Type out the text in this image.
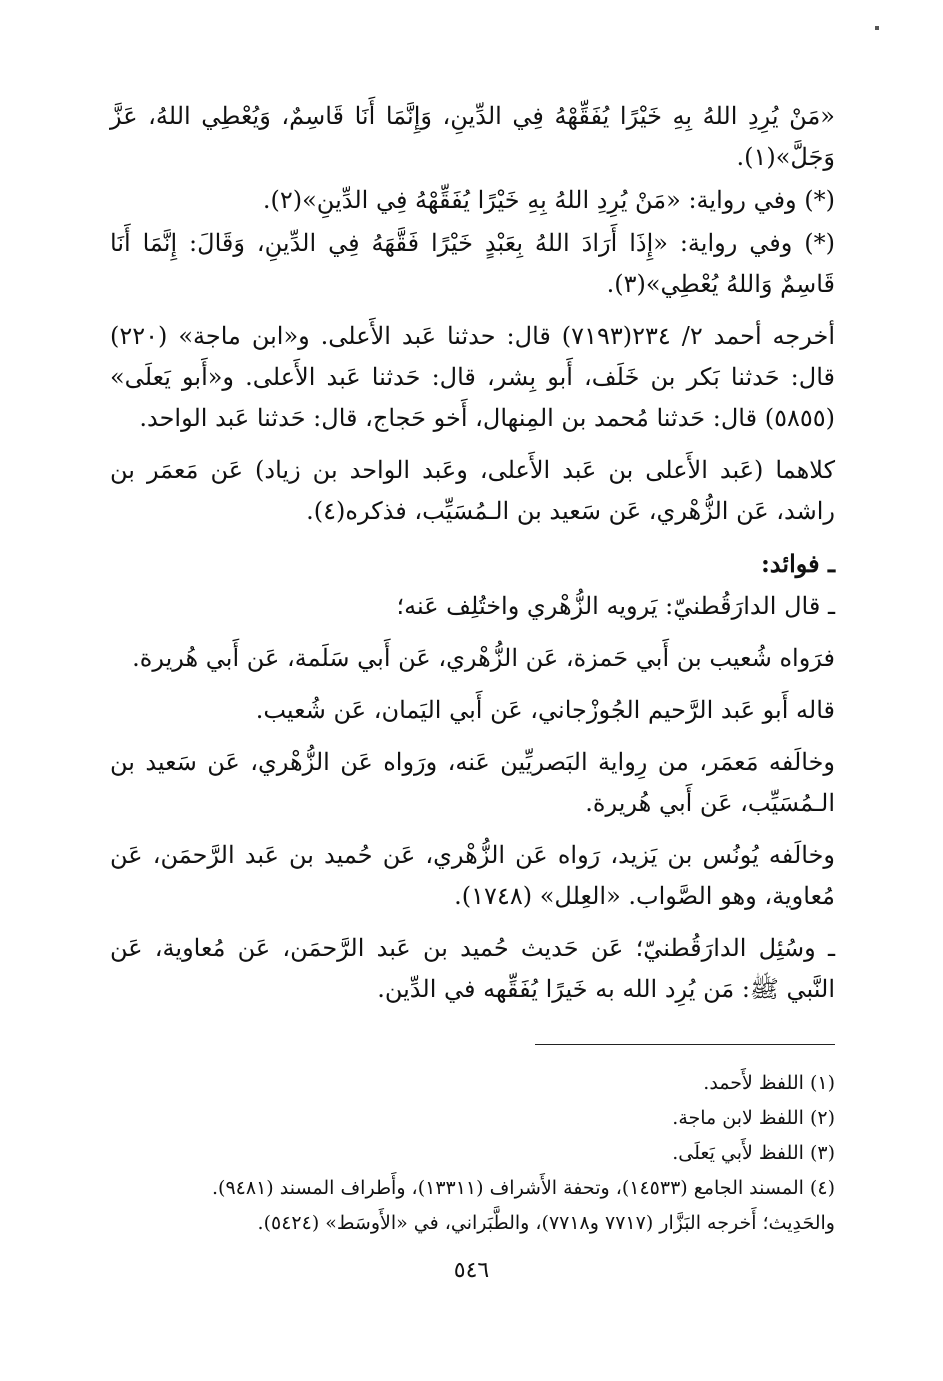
«مَنْ يُرِدِ اللهُ بِهِ خَيْرًا يُفَقِّهْهُ فِي الدِّينِ، وَإِنَّمَا أَنَا قَاسِمٌ، وَيُعْطِي اللهُ، عَزَّ وَجَلَّ»(١).

(*) وفي رواية: «مَنْ يُرِدِ اللهُ بِهِ خَيْرًا يُفَقِّهْهُ فِي الدِّينِ»(٢).

(*) وفي رواية: «إِذَا أَرَادَ اللهُ بِعَبْدٍ خَيْرًا فَقَّهَهُ فِي الدِّينِ، وَقَالَ: إِنَّمَا أَنَا قَاسِمٌ وَاللهُ يُعْطِي»(٣).

أخرجه أحمد ٢/ ٢٣٤(٧١٩٣) قال: حدثنا عَبد الأَعلى. و«ابن ماجة» (٢٢٠) قال: حَدثنا بَكر بن خَلَف، أَبو بِشر، قال: حَدثنا عَبد الأَعلى. و«أَبو يَعلَى» (٥٨٥٥) قال: حَدثنا مُحمد بن المِنهال، أَخو حَجاج، قال: حَدثنا عَبد الواحد.

كلاهما (عَبد الأَعلى بن عَبد الأَعلى، وعَبد الواحد بن زياد) عَن مَعمَر بن راشد، عَن الزُّهْري، عَن سَعيد بن الـمُسَيِّب، فذكره(٤).

ـ فوائد:

ـ قال الدارَقُطنيّ: يَرويه الزُّهْري واختُلِف عَنه؛

فرَواه شُعيب بن أَبي حَمزة، عَن الزُّهْري، عَن أَبي سَلَمة، عَن أَبي هُريرة.

قاله أَبو عَبد الرَّحيم الجُوزْجاني، عَن أَبي اليَمان، عَن شُعيب.

وخالَفه مَعمَر، من رِواية البَصريِّين عَنه، ورَواه عَن الزُّهْري، عَن سَعيد بن الـمُسَيِّب، عَن أَبي هُريرة.

وخالَفه يُونُس بن يَزيد، رَواه عَن الزُّهْري، عَن حُميد بن عَبد الرَّحمَن، عَن مُعاوية، وهو الصَّواب. «العِلل» (١٧٤٨).

ـ وسُئِل الدارَقُطنيّ؛ عَن حَديث حُميد بن عَبد الرَّحمَن، عَن مُعاوية، عَن النَّبي ﷺ: مَن يُرِد الله به خَيرًا يُفَقِّهه في الدِّين.

(١) اللفظ لأَحمد.

(٢) اللفظ لابن ماجة.

(٣) اللفظ لأَبي يَعلَى.

(٤) المسند الجامع (١٤٥٣٣)، وتحفة الأَشراف (١٣٣١١)، وأَطراف المسند (٩٤٨١).

والحَدِيث؛ أَخرجه البَزَّار (٧٧١٧ و٧٧١٨)، والطَّبَراني، في «الأَوسَط» (٥٤٢٤).

٥٤٦
